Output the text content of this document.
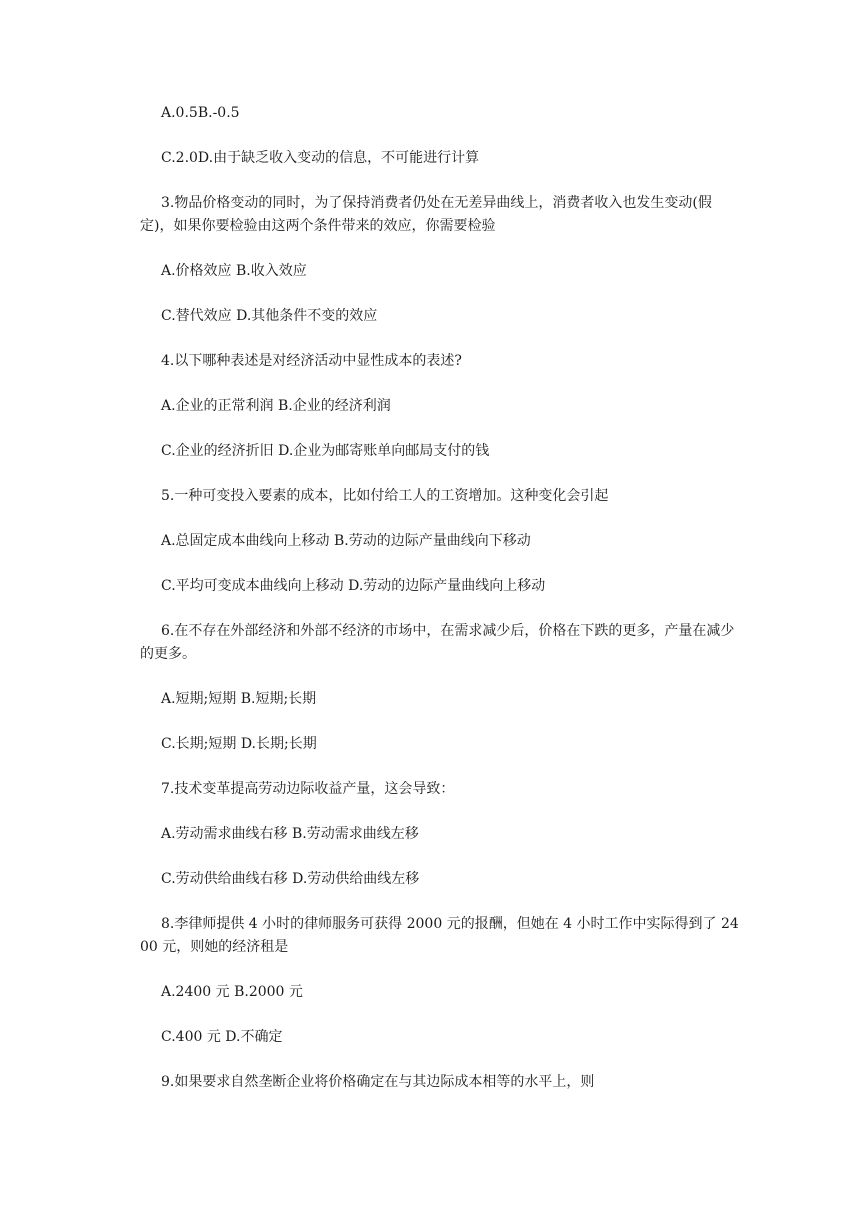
A.0.5B.-0.5

C.2.0D.由于缺乏收入变动的信息，不可能进行计算

3.物品价格变动的同时，为了保持消费者仍处在无差异曲线上，消费者收入也发生变动(假定)，如果你要检验由这两个条件带来的效应，你需要检验

A.价格效应 B.收入效应

C.替代效应 D.其他条件不变的效应

4.以下哪种表述是对经济活动中显性成本的表述?

A.企业的正常利润 B.企业的经济利润

C.企业的经济折旧 D.企业为邮寄账单向邮局支付的钱

5.一种可变投入要素的成本，比如付给工人的工资增加。这种变化会引起

A.总固定成本曲线向上移动 B.劳动的边际产量曲线向下移动

C.平均可变成本曲线向上移动 D.劳动的边际产量曲线向上移动

6.在不存在外部经济和外部不经济的市场中，在需求减少后，价格在下跌的更多，产量在减少的更多。

A.短期;短期 B.短期;长期

C.长期;短期 D.长期;长期

7.技术变革提高劳动边际收益产量，这会导致：

A.劳动需求曲线右移 B.劳动需求曲线左移

C.劳动供给曲线右移 D.劳动供给曲线左移

8.李律师提供 4 小时的律师服务可获得 2000 元的报酬，但她在 4 小时工作中实际得到了 2400 元，则她的经济租是

A.2400 元 B.2000 元

C.400 元 D.不确定

9.如果要求自然垄断企业将价格确定在与其边际成本相等的水平上，则
